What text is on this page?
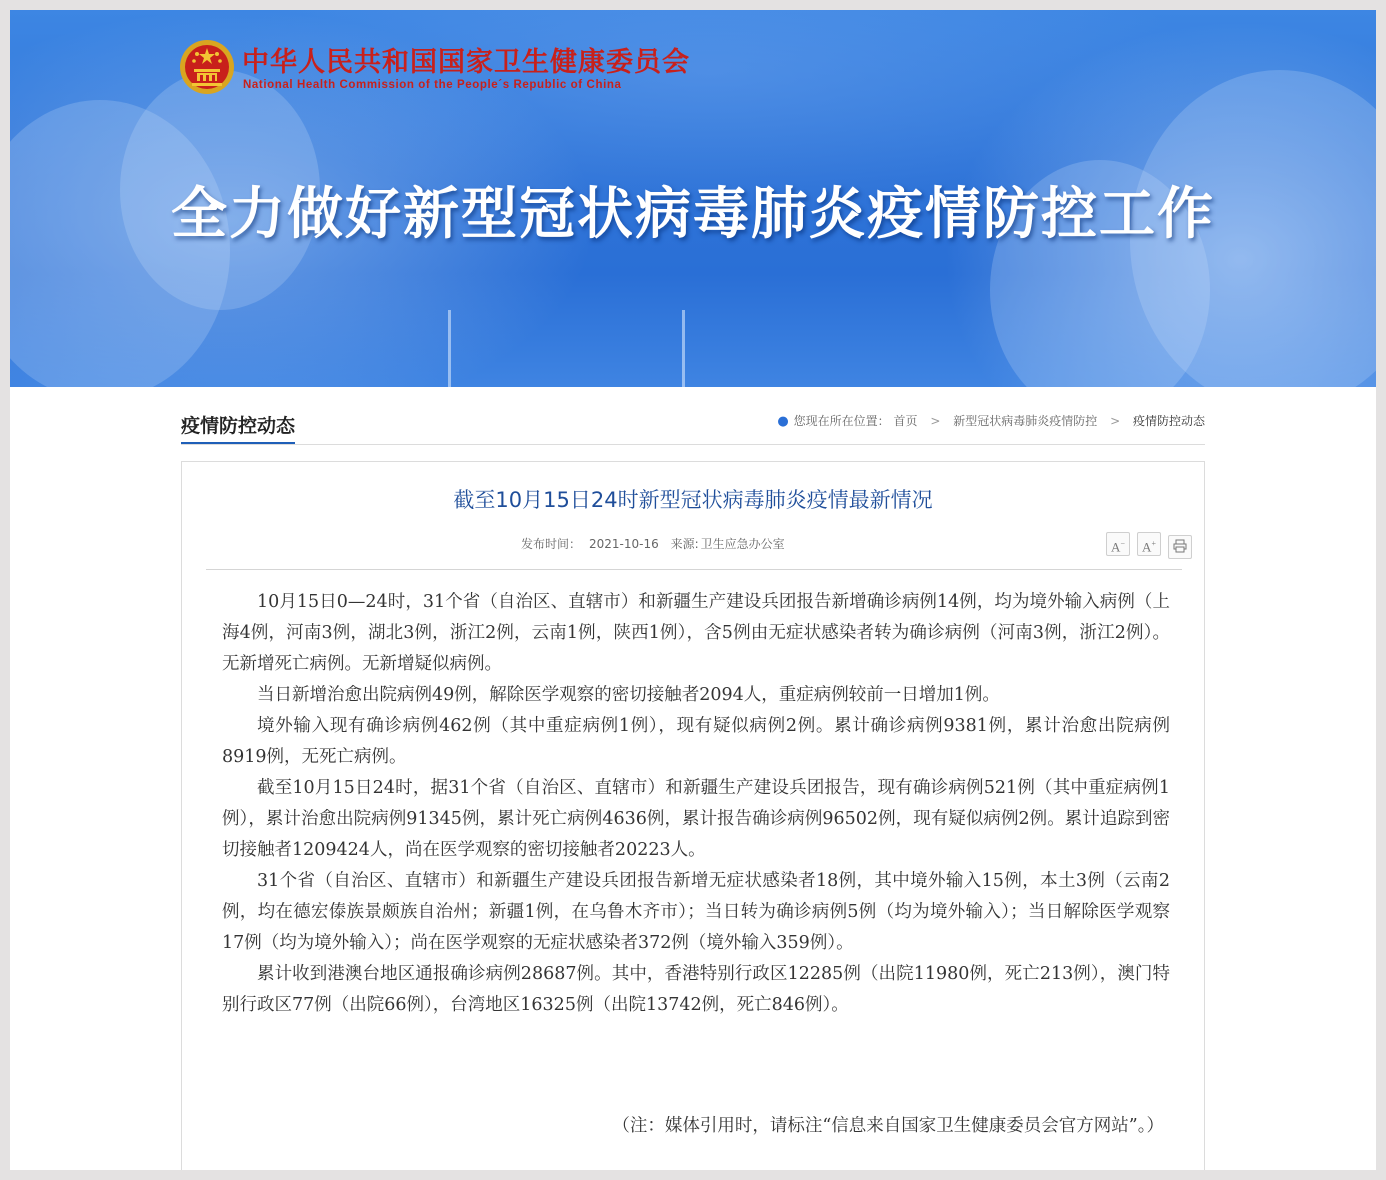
中华人民共和国国家卫生健康委员会
National Health Commission of the People´s Republic of China
全力做好新型冠状病毒肺炎疫情防控工作
疫情防控动态	● 您现在所在位置： 首页 > 新型冠状病毒肺炎疫情防控 > 疫情防控动态
截至10月15日24时新型冠状病毒肺炎疫情最新情况
发布时间： 2021-10-16 来源: 卫生应急办公室	A− A+

10月15日0—24时，31个省（自治区、直辖市）和新疆生产建设兵团报告新增确诊病例14例，均为境外输入病例（上海4例，河南3例，湖北3例，浙江2例，云南1例，陕西1例），含5例由无症状感染者转为确诊病例（河南3例，浙江2例）。无新增死亡病例。无新增疑似病例。

当日新增治愈出院病例49例，解除医学观察的密切接触者2094人，重症病例较前一日增加1例。

境外输入现有确诊病例462例（其中重症病例1例），现有疑似病例2例。累计确诊病例9381例，累计治愈出院病例8919例，无死亡病例。

截至10月15日24时，据31个省（自治区、直辖市）和新疆生产建设兵团报告，现有确诊病例521例（其中重症病例1例），累计治愈出院病例91345例，累计死亡病例4636例，累计报告确诊病例96502例，现有疑似病例2例。累计追踪到密切接触者1209424人，尚在医学观察的密切接触者20223人。

31个省（自治区、直辖市）和新疆生产建设兵团报告新增无症状感染者18例，其中境外输入15例，本土3例（云南2例，均在德宏傣族景颇族自治州；新疆1例，在乌鲁木齐市）；当日转为确诊病例5例（均为境外输入）；当日解除医学观察17例（均为境外输入）；尚在医学观察的无症状感染者372例（境外输入359例）。

累计收到港澳台地区通报确诊病例28687例。其中，香港特别行政区12285例（出院11980例，死亡213例），澳门特别行政区77例（出院66例），台湾地区16325例（出院13742例，死亡846例）。

（注：媒体引用时，请标注“信息来自国家卫生健康委员会官方网站”。）
